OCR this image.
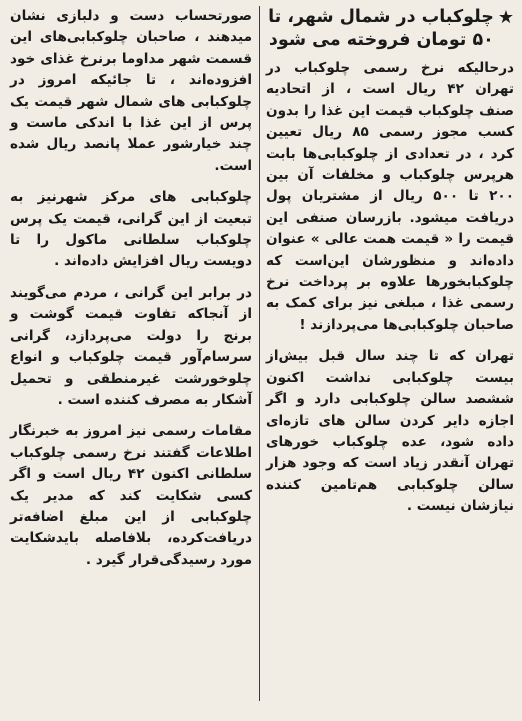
★
چلوکباب در شمال شهر، تا ۵۰ تومان فروخته می شود

درحالیکه نرخ رسمی چلوکباب در تهران ۴۲ ریال است ، از اتحادیه صنف چلوکباب قیمت این غذا را بدون کسب مجوز رسمی ۸۵ ریال تعیین کرد ، در تعدادی از چلوکبابی‌ها بابت هرپرس چلوکباب و مخلفات آن بین ۲۰۰ تا ۵۰۰ ریال از مشتریان پول دریافت میشود. بازرسان صنفی این قیمت را « قیمت همت عالی » عنوان داده‌اند و منظورشان این‌است که چلوکبابخورها علاوه بر پرداخت نرخ رسمی غذا ، مبلغی نیز برای کمک به صاحبان چلوکبابی‌ها می‌پردازند !

تهران که تا چند سال قبل بیش‌از بیست چلوکبابی نداشت اکنون ششصد سالن چلوکبابی دارد و اگر اجازه دایر کردن سالن های تازه‌ای داده شود، عده چلوکباب خورهای تهران آنقدر زیاد است که وجود هزار سالن چلوکبابی هم‌تامین کننده نیازشان نیست .

صورتحساب دست و دلبازی نشان میدهند ، صاحبان چلوکبابی‌های این قسمت شهر مداوما برنرخ غذای خود افزوده‌اند ، تا جائیکه امروز در چلوکبابی های شمال شهر قیمت یک پرس از این غذا با اندکی ماست و چند خیارشور عملا پانصد ریال شده است.

چلوکبابی های مرکز شهرنیز به تبعیت از این گرانی، قیمت یک پرس چلوکباب سلطانی ماکول را تا دویست ریال افزایش داده‌اند .

در برابر این گرانی ، مردم می‌گویند از آنجاکه تفاوت قیمت گوشت و برنج را دولت می‌پردازد، گرانی سرسام‌آور قیمت چلوکباب و انواع چلوخورشت غیرمنطقی و تحمیل آشکار به مصرف کننده است .

مقامات رسمی نیز امروز به خبرنگار اطلاعات گفتند نرخ رسمی چلوکباب سلطانی اکنون ۴۲ ریال است و اگر کسی شکایت کند که مدیر یک چلوکبابی از این مبلغ اضافه‌تر دریافت‌کرده، بلافاصله بایدشکایت مورد رسیدگی‌قرار گیرد .
